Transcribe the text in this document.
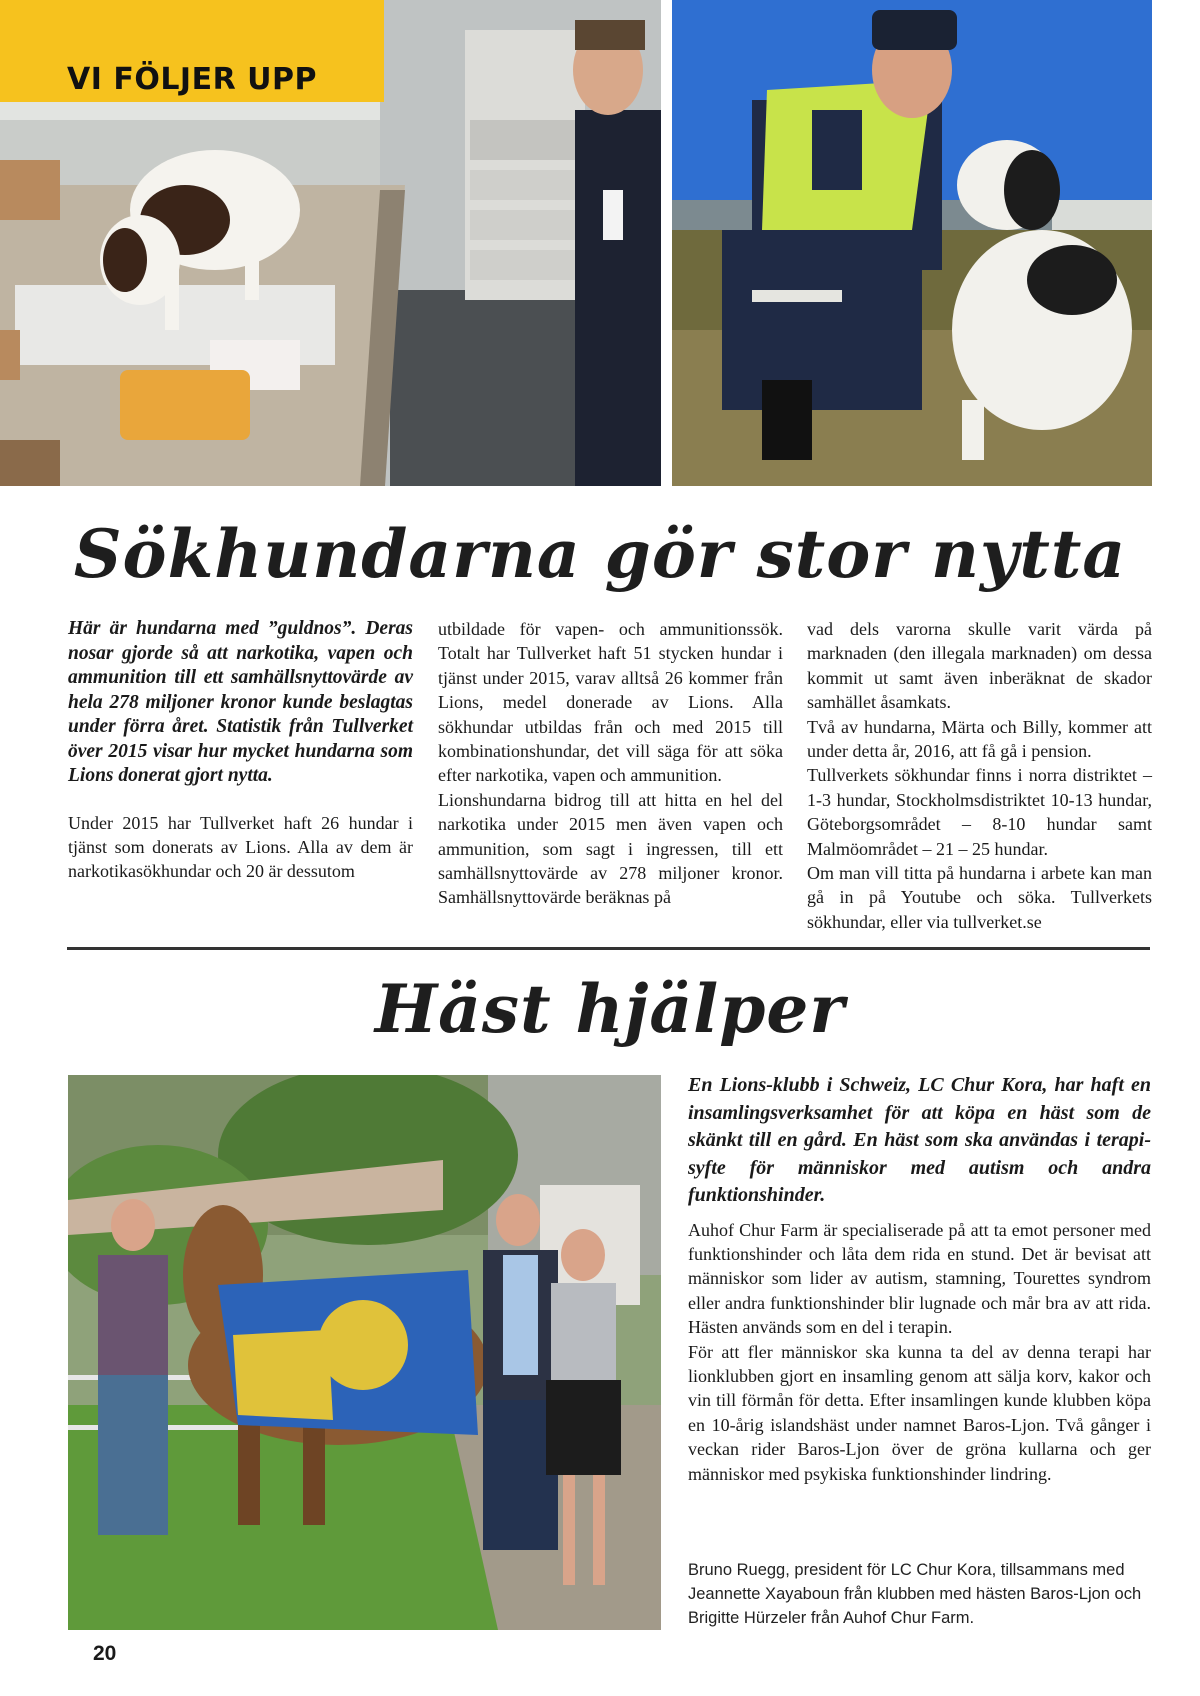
VI FÖLJER UPP
Sökhundarna gör stor nytta

Här är hundarna med ”guldnos”. Deras nosar gjorde så att narkotika, vapen och ammunition till ett samhällsnyttovärde av hela 278 miljoner kronor kunde beslagtas under förra året. Statistik från Tullverket över 2015 visar hur mycket hundarna som Lions donerat gjort nytta.

Under 2015 har Tullverket haft 26 hundar i tjänst som donerats av Lions. Alla av dem är narkotikasökhundar och 20 är dessutom

utbildade för vapen- och ammunitionssök. Totalt har Tullverket haft 51 stycken hundar i tjänst under 2015, varav alltså 26 kommer från Lions, medel donerade av Lions. Alla sökhundar utbildas från och med 2015 till kombinationshundar, det vill säga för att söka efter narkotika, vapen och ammunition.

Lionshundarna bidrog till att hitta en hel del narkotika under 2015 men även vapen och ammunition, som sagt i ingressen, till ett samhällsnyttovärde av 278 miljoner kronor. Samhällsnyttovärde beräknas på

vad dels varorna skulle varit värda på marknaden (den illegala marknaden) om dessa kommit ut samt även inberäknat de skador samhället åsamkats.

Två av hundarna, Märta och Billy, kommer att under detta år, 2016, att få gå i pension.

Tullverkets sökhundar finns i norra distriktet – 1-3 hundar, Stockholmsdistriktet 10-13 hundar, Göteborgsområdet – 8-10 hundar samt Malmöområdet – 21 – 25 hundar.

Om man vill titta på hundarna i arbete kan man gå in på Youtube och söka. Tullverkets sökhundar, eller via tullverket.se

Häst hjälper

En Lions-klubb i Schweiz, LC Chur Kora, har haft en insamlingsverksamhet för att köpa en häst som de skänkt till en gård. En häst som ska användas i terapi-syfte för människor med autism och andra funktionshinder.

Auhof Chur Farm är specialiserade på att ta emot personer med funktionshinder och låta dem rida en stund. Det är bevisat att människor som lider av autism, stamning, Tourettes syndrom eller andra funktionshinder blir lugnade och mår bra av att rida. Hästen används som en del i terapin.

För att fler människor ska kunna ta del av denna terapi har lionklubben gjort en insamling genom att sälja korv, kakor och vin till förmån för detta. Efter insamlingen kunde klubben köpa en 10-årig islandshäst under namnet Baros-Ljon. Två gånger i veckan rider Baros-Ljon över de gröna kullarna och ger människor med psykiska funktionshinder lindring.

Bruno Ruegg, president för LC Chur Kora, tillsammans med Jeannette Xayaboun från klubben med hästen Baros-Ljon och Brigitte Hürzeler från Auhof Chur Farm.
20
